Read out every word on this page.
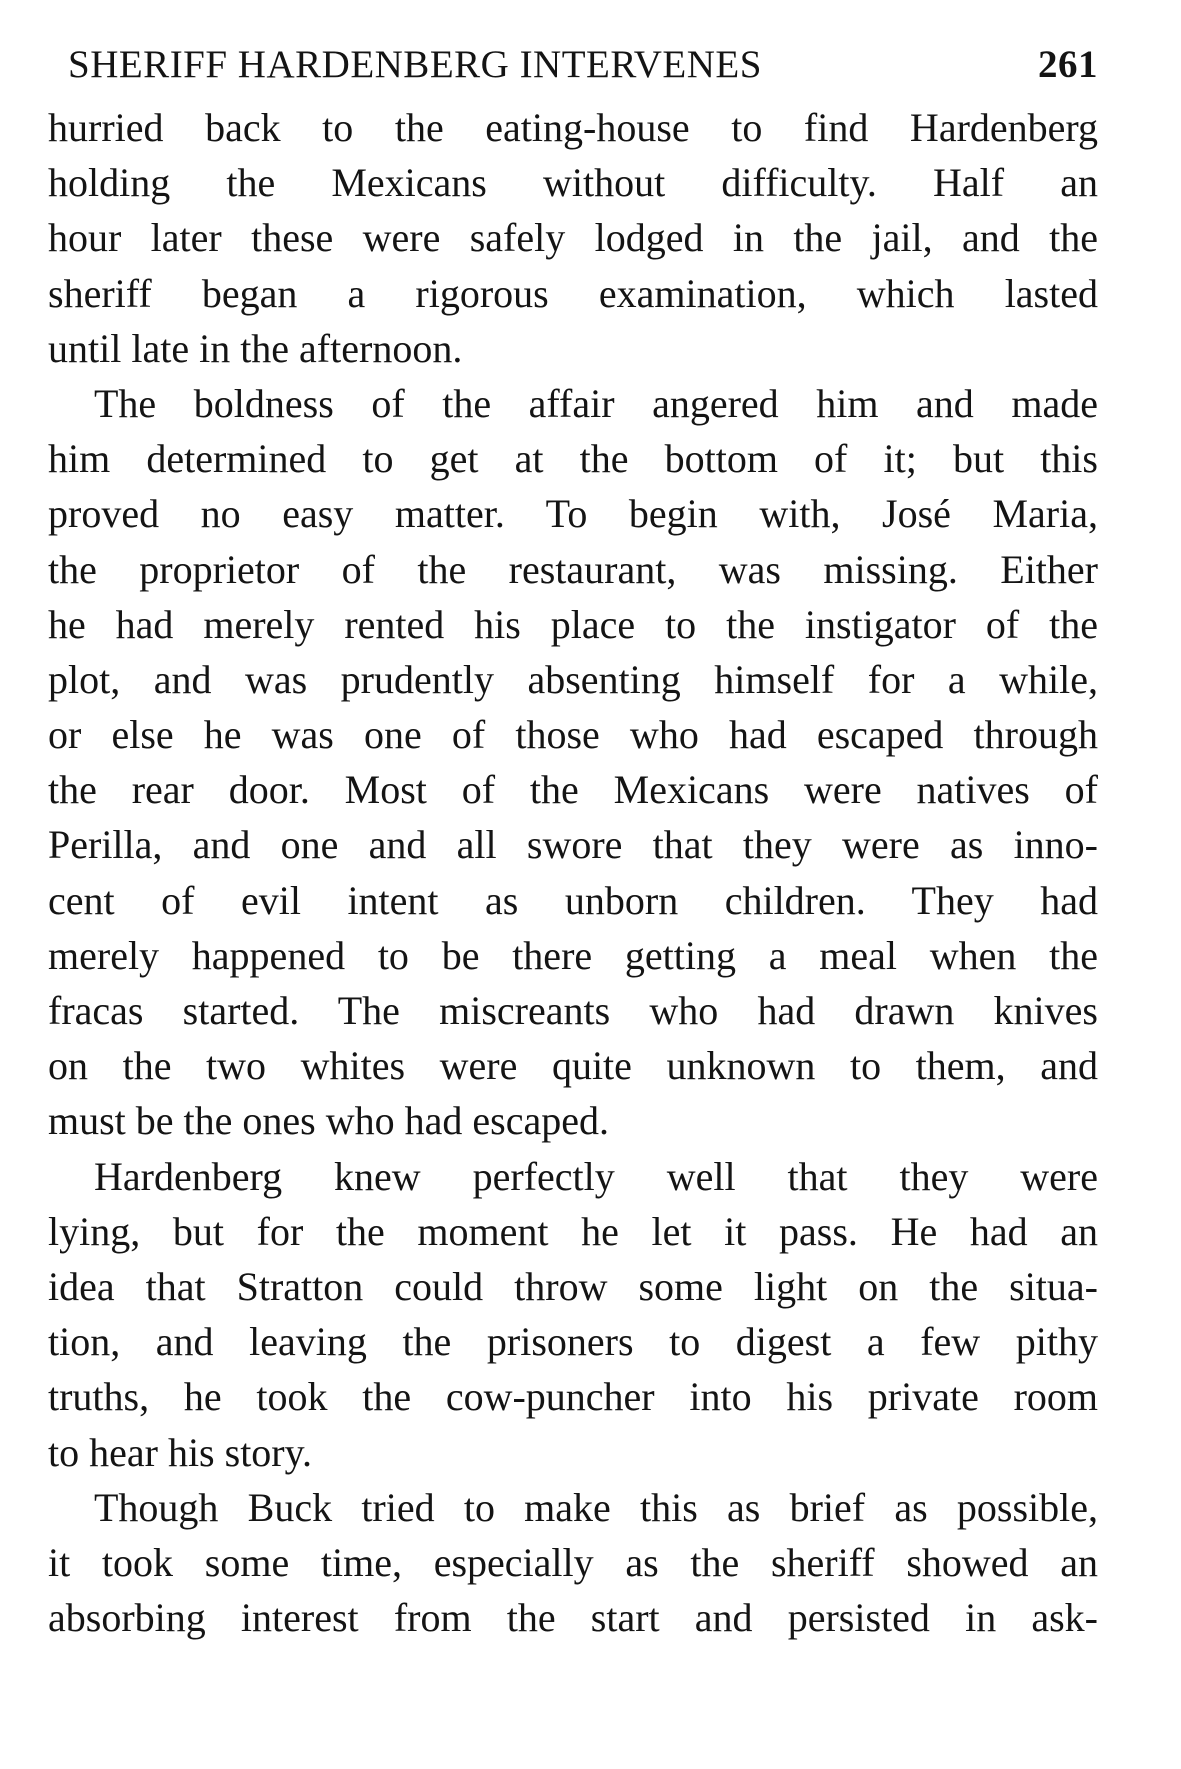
SHERIFF HARDENBERG INTERVENES	261
hurried back to the eating-house to find Hardenberg
holding the Mexicans without difficulty. Half an
hour later these were safely lodged in the jail, and the
sheriff began a rigorous examination, which lasted
until late in the afternoon.
The boldness of the affair angered him and made
him determined to get at the bottom of it; but this
proved no easy matter. To begin with, José Maria,
the proprietor of the restaurant, was missing. Either
he had merely rented his place to the instigator of the
plot, and was prudently absenting himself for a while,
or else he was one of those who had escaped through
the rear door. Most of the Mexicans were natives of
Perilla, and one and all swore that they were as inno-
cent of evil intent as unborn children. They had
merely happened to be there getting a meal when the
fracas started. The miscreants who had drawn knives
on the two whites were quite unknown to them, and
must be the ones who had escaped.
Hardenberg knew perfectly well that they were
lying, but for the moment he let it pass. He had an
idea that Stratton could throw some light on the situa-
tion, and leaving the prisoners to digest a few pithy
truths, he took the cow-puncher into his private room
to hear his story.
Though Buck tried to make this as brief as possible,
it took some time, especially as the sheriff showed an
absorbing interest from the start and persisted in ask-
